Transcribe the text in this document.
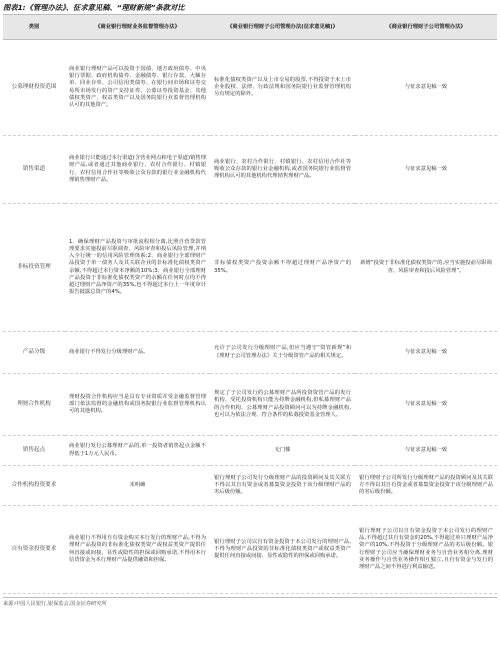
图表1:《管理办法》、征求意见稿、“理财新规”条款对比
类别	《商业银行理财业务监督管理办法》	《商业银行理财子公司管理办法(征求意见稿)》	《商业银行理财子公司管理办法》
公募理财投资范围	商业银行理财产品可以投资于国债、地方政府债券、中央银行票据、政府机构债券、金融债券、银行存款、大额存单、同业存单、公司信用类债券、在银行间市场和证券交易所市场发行的资产支持证券、公募证券投资基金、其他债权类资产、权益类资产以及国务院银行业监督管理机构认可的其他资产。	标准化债权类资产以及上市交易的股票,不得投资于未上市企业股权、法律、行政法规和国务院银行业监督管理机构另有规定的除外。	与征求意见稿一致
销售渠道	商业银行只能通过本行渠道(含营业网点和电子渠道)销售理财产品,或者通过其他商业银行、农村合作银行、村镇银行、农村信用合作社等吸收公众存款的银行业金融机构代理销售理财产品。	商业银行、农村合作银行、村镇银行、农村信用合作社等吸收公众存款的银行业金融机构,或者国务院银行业监督管理机构认可的其他机构代理销售理财产品。	与征求意见稿一致
非标投资管理	1、确保理财产品投资与审批流程相分离,比照自营贷款管理要求实施投前尽职调查、风险审查和投后风险管理,并纳入全行统一的信用风险管理体系;2、商业银行全部理财产品投资于单一债务人及其关联企业的非标准化债权类资产余额,不得超过本行资本净额的10%;3、商业银行全部理财产品投资于非标准化债权类资产的余额在任何时点均不得超过理财产品净资产的35%,也不得超过本行上一年度审计报告披露总资产的4%。	非标债权类资产投资余额不得超过理财产品净资产的35%。	新增“投资于非标准化债权类资产的,应当实施投前尽职调查、风险审查和投后风险管理”。
产品分级	商业银行不得发行分级理财产品。	允许子公司发行分级理财产品,但应当遵守“资管新规”和《理财子公司管理办法》关于分级资管产品的相关规定。	与征求意见稿一致
理财合作机构	理财投资合作机构应当是具有专业资质并受金融监督管理部门依法监督的金融机构或国务院银行业监督管理机构认可的其他机构。	规定了子公司发行的公募理财产品所投资资管产品的发行机构、受托投资机构只能为持牌金融机构,但私募理财产品的合作机构、公募理财产品投资顾问可以为持牌金融机构,也可以为依法合规、符合条件的私募投资基金管理人。	与征求意见稿一致
销售起点	商业银行发行公募理财产品的,单一投资者销售起点金额不得低于1万元人民币。	无门槛	与征求意见稿一致
合作机构投资要求	未明确	银行理财子公司发行分级理财产品的投资顾问及其关联方不得以其自有资金或者募集资金投资于该分级理财产品的劣后级份额。	银行理财子公司所发行分级理财产品的投资顾问及其关联方不得以其自有资金或者募集资金投资于该分级理财产品的劣后级份额。
自有资金投资要求	商业银行不得用自有资金购买本行发行的理财产品,不得为理财产品投资的非标准化债权类资产或权益类资产提供任何直接或间接、显性或隐性的担保或回购承诺,不得用本行信贷资金为本行理财产品提供融资和担保。	银行理财子公司以自有资金投资于本公司发行的理财产品,不得为理财产品投资的非标准化债权类资产或权益类资产提供任何直接或间接、显性或隐性的担保或回购承诺。	银行理财子公司以自有资金投资于本公司发行的理财产品,不得超过其自有资金的20%,不得超过单只理财产品净资产的10%,不得投资于分级理财产品的劣后级份额。银行理财子公司应当确保理财业务与自营业务相分离,理财业务操作与自营业务操作相互独立,且自有资金与发行的理财产品之间不得进行利益输送。
来源:中国人民银行,银保监会,国金证券研究所
